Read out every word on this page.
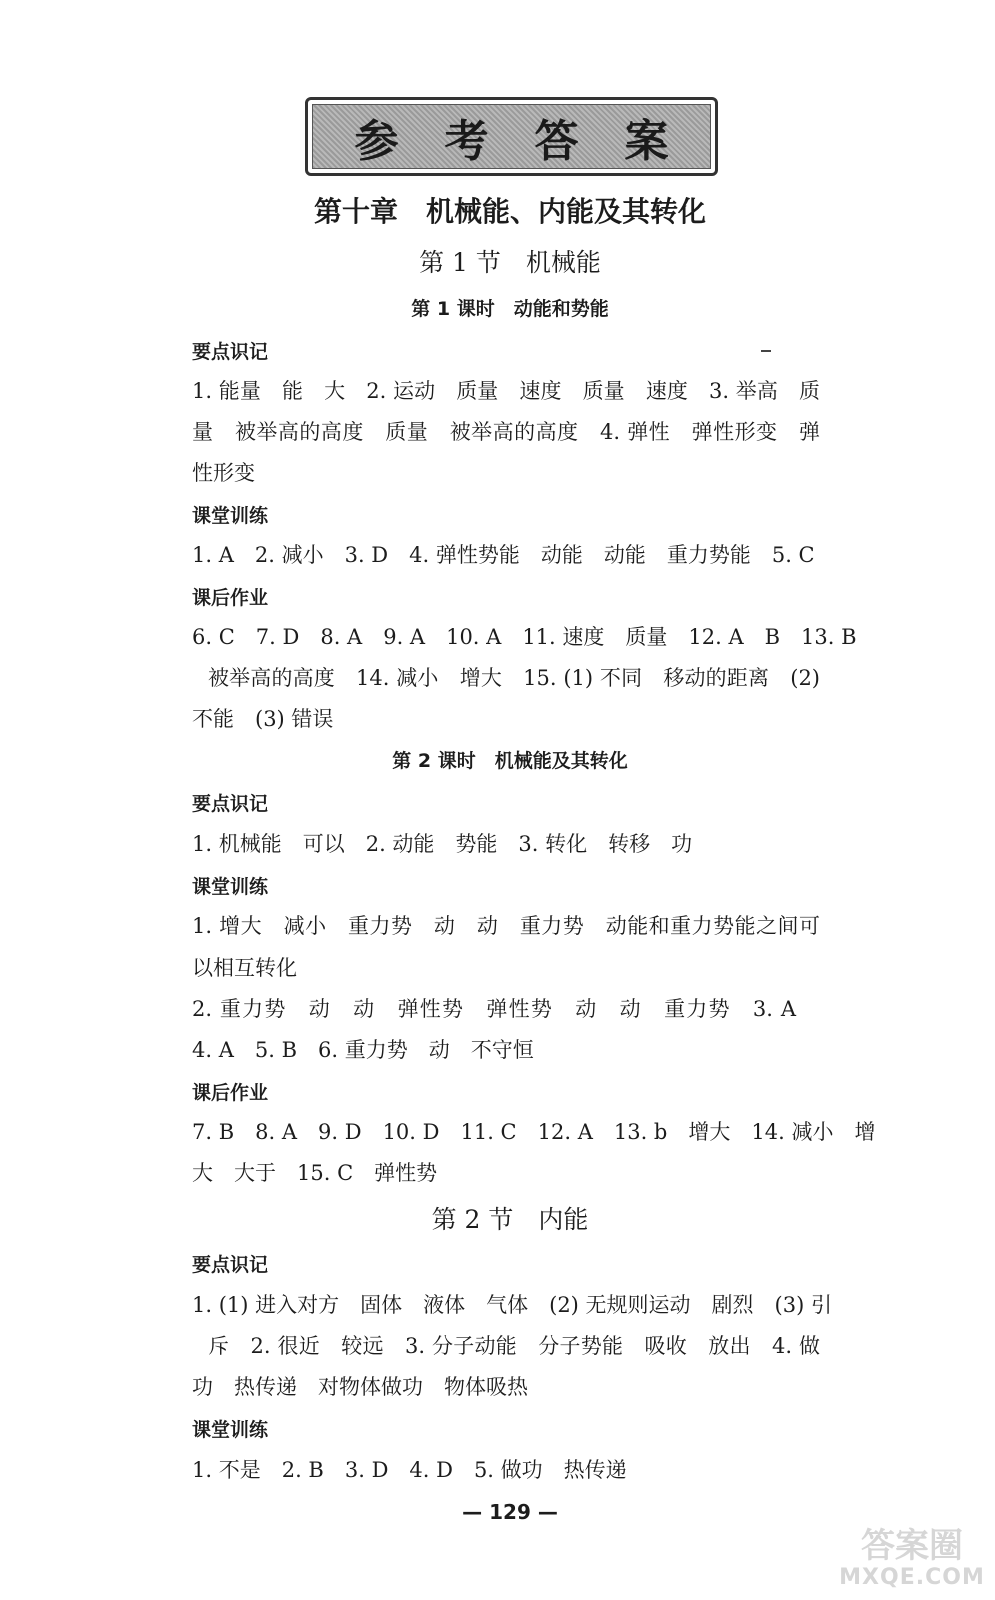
参考答案
第十章　机械能、内能及其转化
第 1 节　机械能
第 1 课时　动能和势能
要点识记
1. 能量　能　大　2. 运动　质量　速度　质量　速度　3. 举高　质
量　被举高的高度　质量　被举高的高度　4. 弹性　弹性形变　弹
性形变
课堂训练
1. A　2. 减小　3. D　4. 弹性势能　动能　动能　重力势能　5. C
课后作业
6. C　7. D　8. A　9. A　10. A　11. 速度　质量　12. A　B　13. B
被举高的高度　14. 减小　增大　15. (1) 不同　移动的距离　(2)
不能　(3) 错误
第 2 课时　机械能及其转化
要点识记
1. 机械能　可以　2. 动能　势能　3. 转化　转移　功
课堂训练
1. 增大　减小　重力势　动　动　重力势　动能和重力势能之间可
以相互转化
2. 重力势　动　动　弹性势　弹性势　动　动　重力势　3. A
4. A　5. B　6. 重力势　动　不守恒
课后作业
7. B　8. A　9. D　10. D　11. C　12. A　13. b　增大　14. 减小　增
大　大于　15. C　弹性势
第 2 节　内能
要点识记
1. (1) 进入对方　固体　液体　气体　(2) 无规则运动　剧烈　(3) 引
斥　2. 很近　较远　3. 分子动能　分子势能　吸收　放出　4. 做
功　热传递　对物体做功　物体吸热
课堂训练
1. 不是　2. B　3. D　4. D　5. 做功　热传递
— 129 —
答案圈
MXQE.COM
